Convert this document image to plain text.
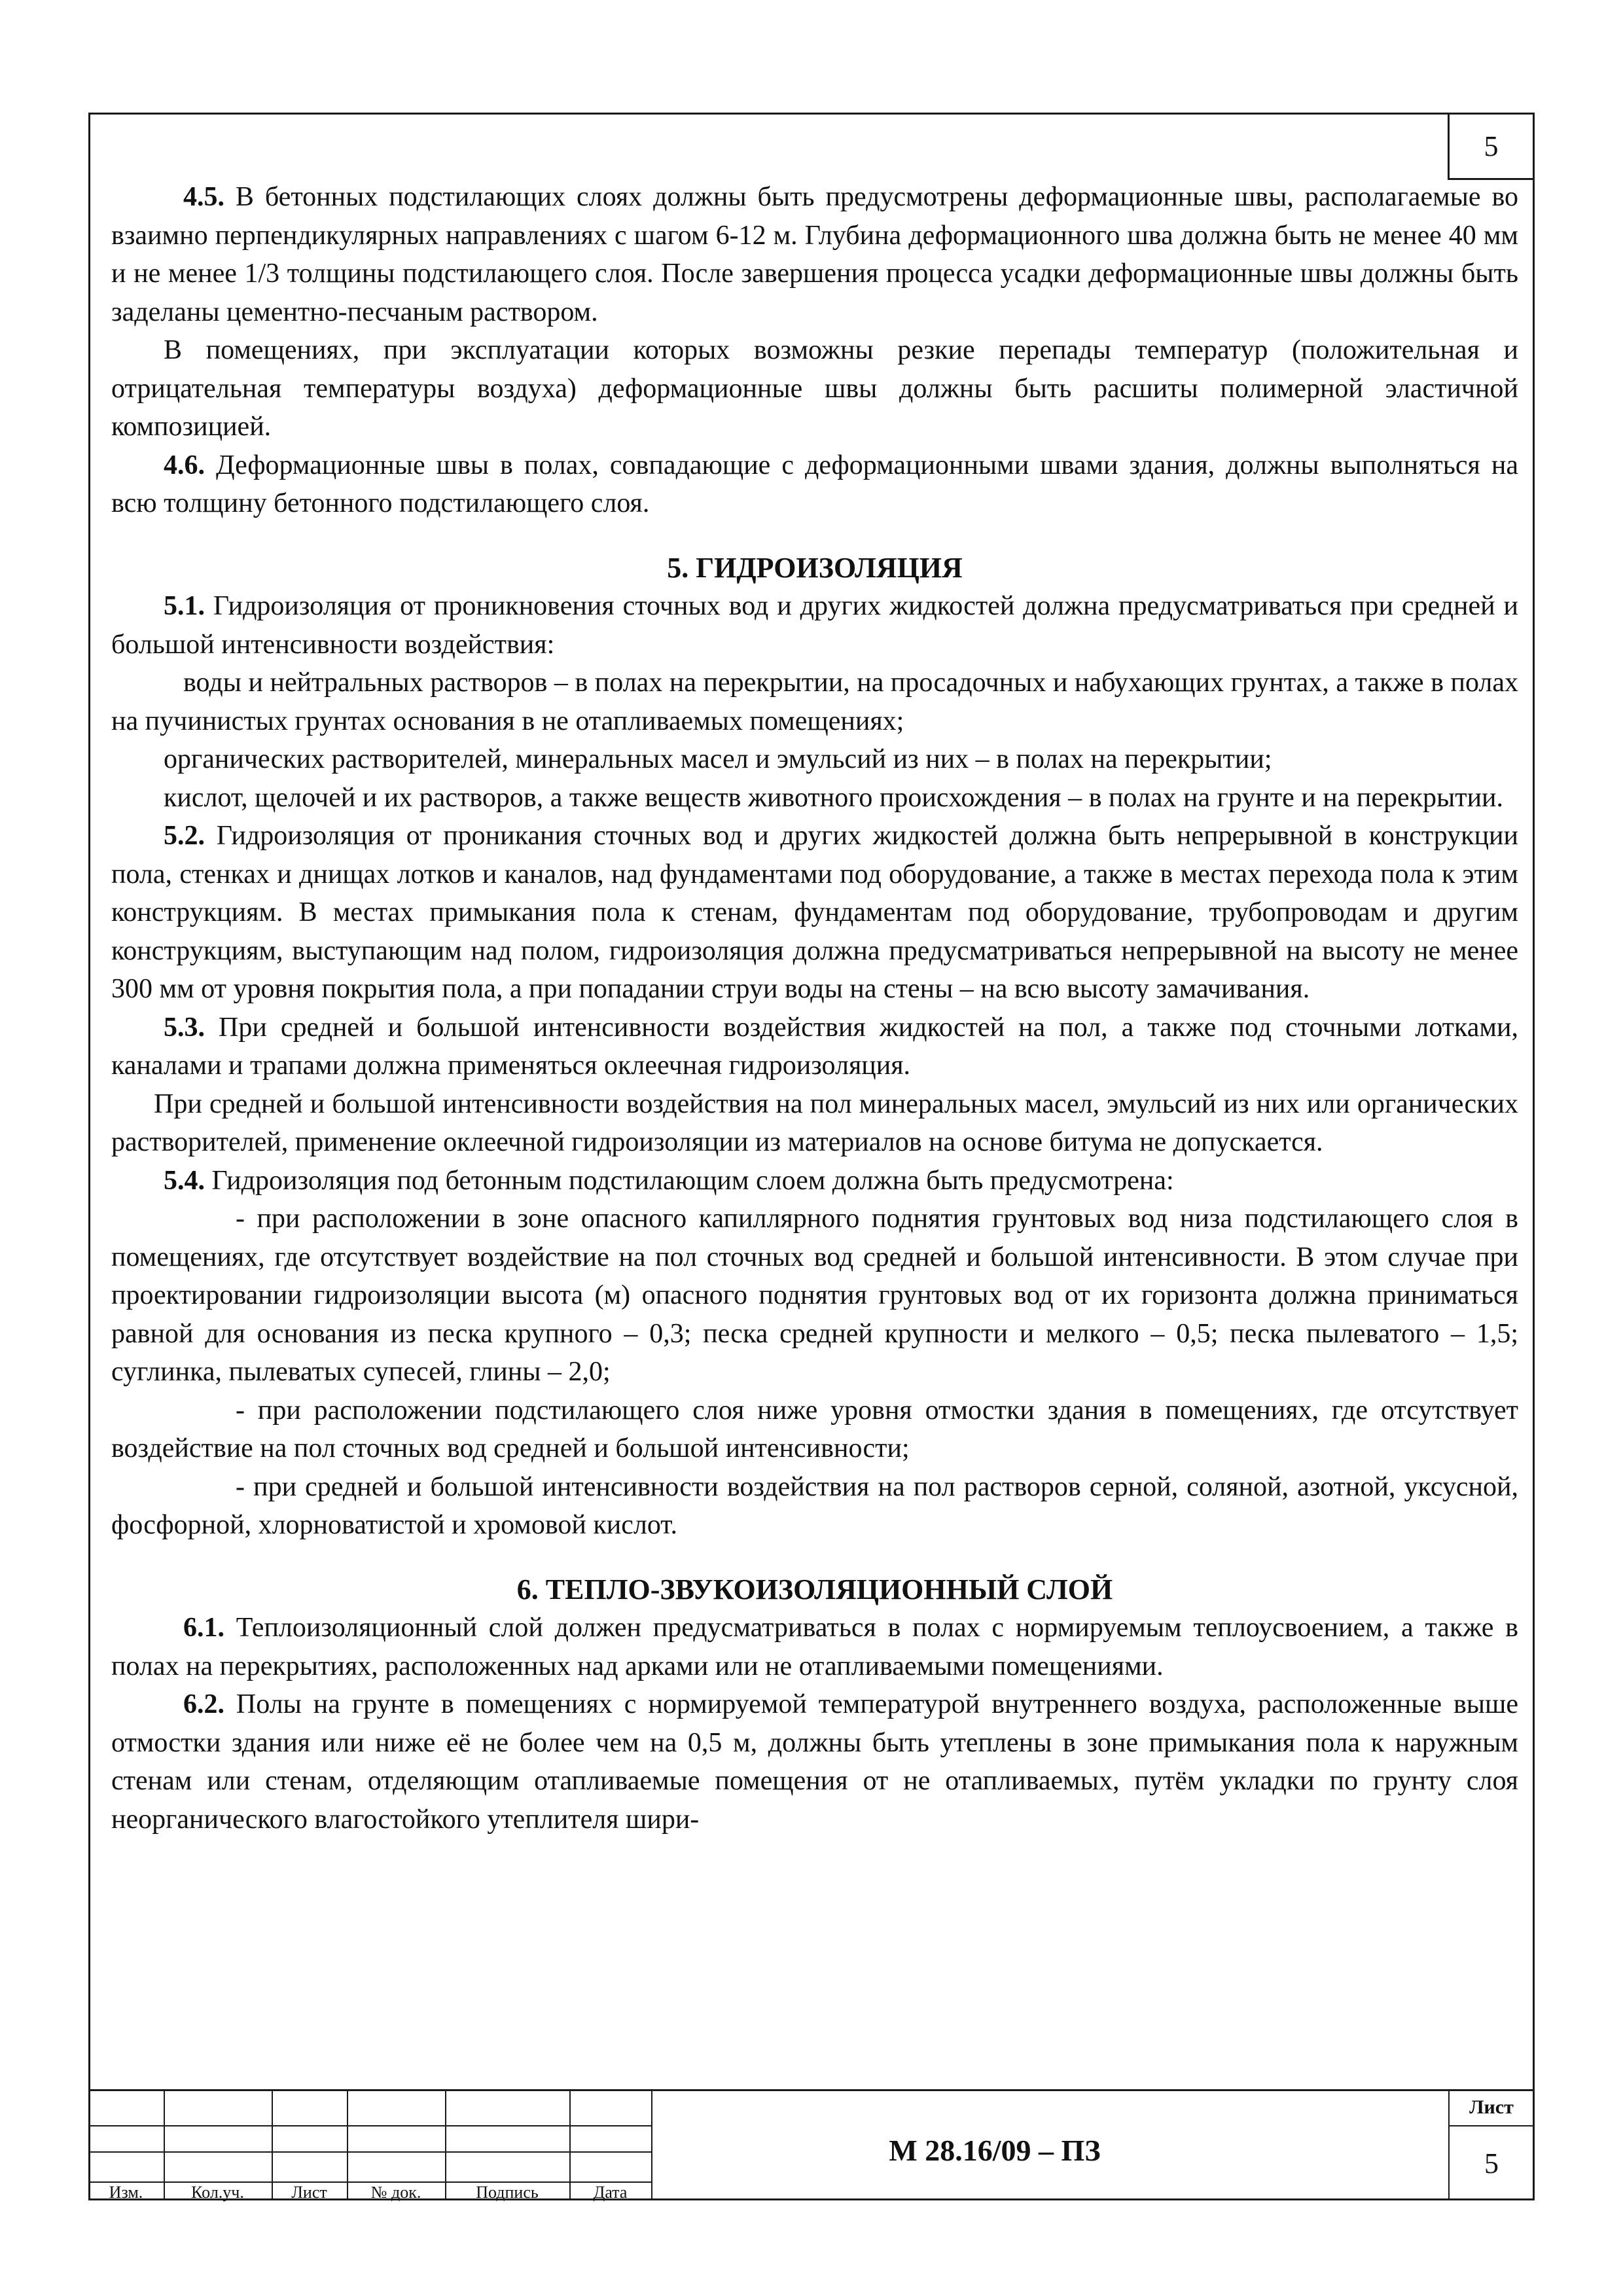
5

4.5. В бетонных подстилающих слоях должны быть предусмотрены деформационные швы, располагаемые во взаимно перпендикулярных направлениях с шагом 6-12 м. Глубина деформационного шва должна быть не менее 40 мм и не менее 1/3 толщины подстилающего слоя. После завершения процесса усадки деформационные швы должны быть заделаны цементно-песчаным раствором.

В помещениях, при эксплуатации которых возможны резкие перепады температур (положительная и отрицательная температуры воздуха) деформационные швы должны быть расшиты полимерной эластичной композицией.

4.6. Деформационные швы в полах, совпадающие с деформационными швами здания, должны выполняться на всю толщину бетонного подстилающего слоя.

5. ГИДРОИЗОЛЯЦИЯ

5.1. Гидроизоляция от проникновения сточных вод и других жидкостей должна предусматриваться при средней и большой интенсивности воздействия:

воды и нейтральных растворов – в полах на перекрытии, на просадочных и набухающих грунтах, а также в полах на пучинистых грунтах основания в не отапливаемых помещениях;

органических растворителей, минеральных масел и эмульсий из них – в полах на перекрытии;

кислот, щелочей и их растворов, а также веществ животного происхождения – в полах на грунте и на перекрытии.

5.2. Гидроизоляция от проникания сточных вод и других жидкостей должна быть непрерывной в конструкции пола, стенках и днищах лотков и каналов, над фундаментами под оборудование, а также в местах перехода пола к этим конструкциям. В местах примыкания пола к стенам, фундаментам под оборудование, трубопроводам и другим конструкциям, выступающим над полом, гидроизоляция должна предусматриваться непрерывной на высоту не менее 300 мм от уровня покрытия пола, а при попадании струи воды на стены – на всю высоту замачивания.

5.3. При средней и большой интенсивности воздействия жидкостей на пол, а также под сточными лотками, каналами и трапами должна применяться оклеечная гидроизоляция.

При средней и большой интенсивности воздействия на пол минеральных масел, эмульсий из них или органических растворителей, применение оклеечной гидроизоляции из материалов на основе битума не допускается.

5.4. Гидроизоляция под бетонным подстилающим слоем должна быть предусмотрена:

- при расположении в зоне опасного капиллярного поднятия грунтовых вод низа подстилающего слоя в помещениях, где отсутствует воздействие на пол сточных вод средней и большой интенсивности. В этом случае при проектировании гидроизоляции высота (м) опасного поднятия грунтовых вод от их горизонта должна приниматься равной для основания из песка крупного – 0,3; песка средней крупности и мелкого – 0,5; песка пылеватого – 1,5; суглинка, пылеватых супесей, глины – 2,0;

- при расположении подстилающего слоя ниже уровня отмостки здания в помещениях, где отсутствует воздействие на пол сточных вод средней и большой интенсивности;

- при средней и большой интенсивности воздействия на пол растворов серной, соляной, азотной, уксусной, фосфорной, хлорноватистой и хромовой кислот.

6. ТЕПЛО-ЗВУКОИЗОЛЯЦИОННЫЙ СЛОЙ

6.1. Теплоизоляционный слой должен предусматриваться в полах с нормируемым теплоусвоением, а также в полах на перекрытиях, расположенных над арками или не отапливаемыми помещениями.

6.2. Полы на грунте в помещениях с нормируемой температурой внутреннего воздуха, расположенные выше отмостки здания или ниже её не более чем на 0,5 м, должны быть утеплены в зоне примыкания пола к наружным стенам или стенам, отделяющим отапливаемые помещения от не отапливаемых, путём укладки по грунту слоя неорганического влагостойкого утеплителя шири-

Изм.	Кол.уч.	Лист	№ док.	Подпись	Дата
М 28.16/09 – ПЗ
Лист
5
